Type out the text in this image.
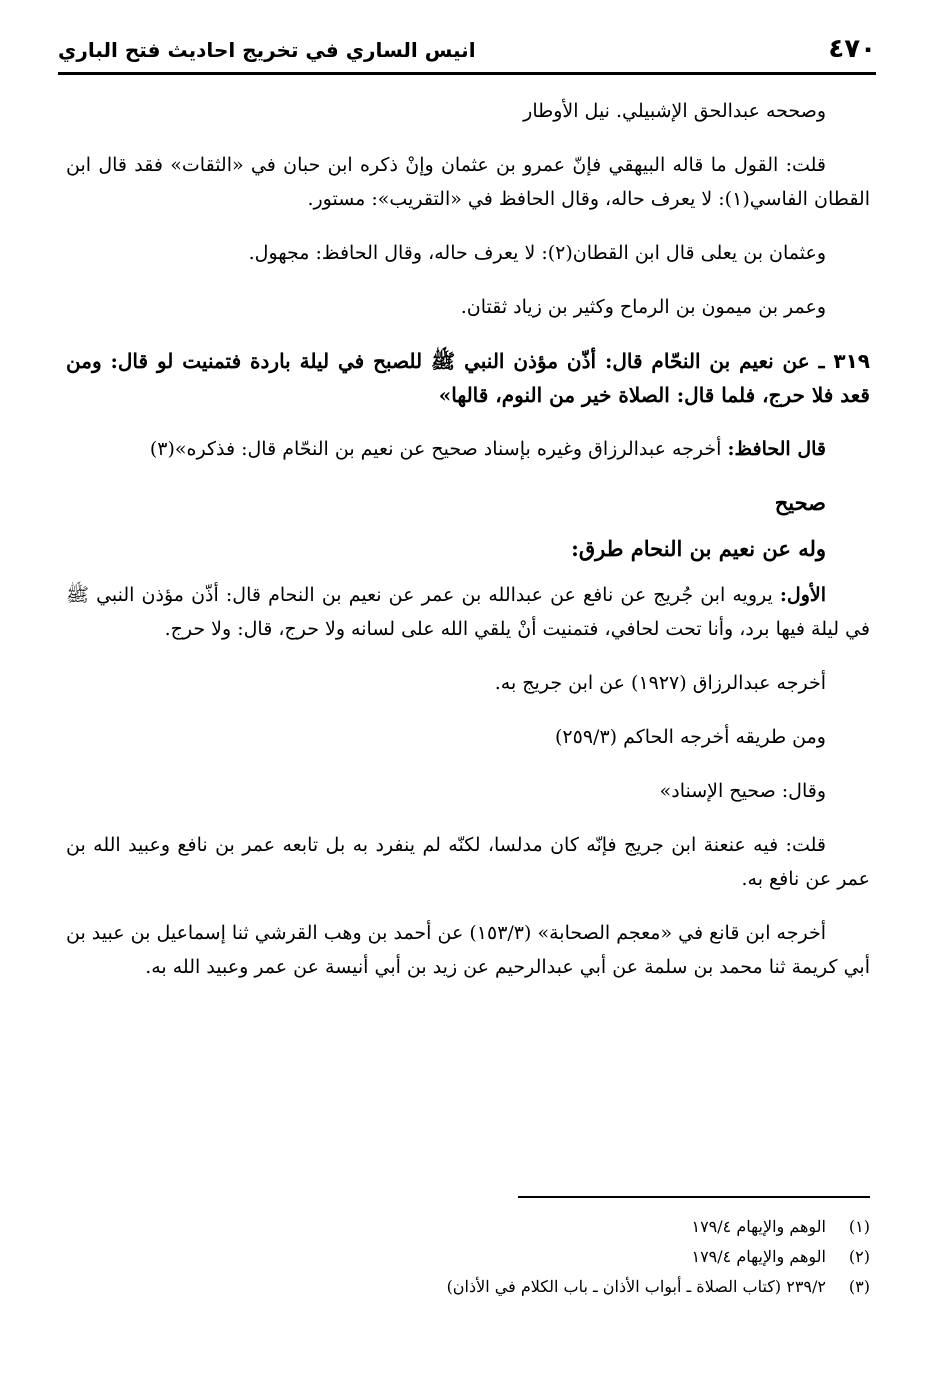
٤٧٠
انيس الساري في تخريج احاديث فتح الباري

وصححه عبدالحق الإشبيلي. نيل الأوطار

قلت: القول ما قاله البيهقي فإنّ عمرو بن عثمان وإنْ ذكره ابن حبان في «الثقات» فقد قال ابن القطان الفاسي(١): لا يعرف حاله، وقال الحافظ في «التقريب»: مستور.

وعثمان بن يعلى قال ابن القطان(٢): لا يعرف حاله، وقال الحافظ: مجهول.

وعمر بن ميمون بن الرماح وكثير بن زياد ثقتان.

٣١٩ ـ عن نعيم بن النحّام قال: أذّن مؤذن النبي ﷺ للصبح في ليلة باردة فتمنيت لو قال: ومن قعد فلا حرج، فلما قال: الصلاة خير من النوم، قالها»

قال الحافظ: أخرجه عبدالرزاق وغيره بإسناد صحيح عن نعيم بن النحّام قال: فذكره»(٣)

صحيح

وله عن نعيم بن النحام طرق:

الأول: يرويه ابن جُريج عن نافع عن عبدالله بن عمر عن نعيم بن النحام قال: أذّن مؤذن النبي ﷺ في ليلة فيها برد، وأنا تحت لحافي، فتمنيت أنْ يلقي الله على لسانه ولا حرج، قال: ولا حرج.

أخرجه عبدالرزاق (١٩٢٧) عن ابن جريج به.

ومن طريقه أخرجه الحاكم (٢٥٩/٣)

وقال: صحيح الإسناد»

قلت: فيه عنعنة ابن جريج فإنّه كان مدلسا، لكنّه لم ينفرد به بل تابعه عمر بن نافع وعبيد الله بن عمر عن نافع به.

أخرجه ابن قانع في «معجم الصحابة» (١٥٣/٣) عن أحمد بن وهب القرشي ثنا إسماعيل بن عبيد بن أبي كريمة ثنا محمد بن سلمة عن أبي عبدالرحيم عن زيد بن أبي أنيسة عن عمر وعبيد الله به.

(١)الوهم والإيهام ١٧٩/٤
(٢)الوهم والإيهام ١٧٩/٤
(٣)٢٣٩/٢ (كتاب الصلاة ـ أبواب الأذان ـ باب الكلام في الأذان)
